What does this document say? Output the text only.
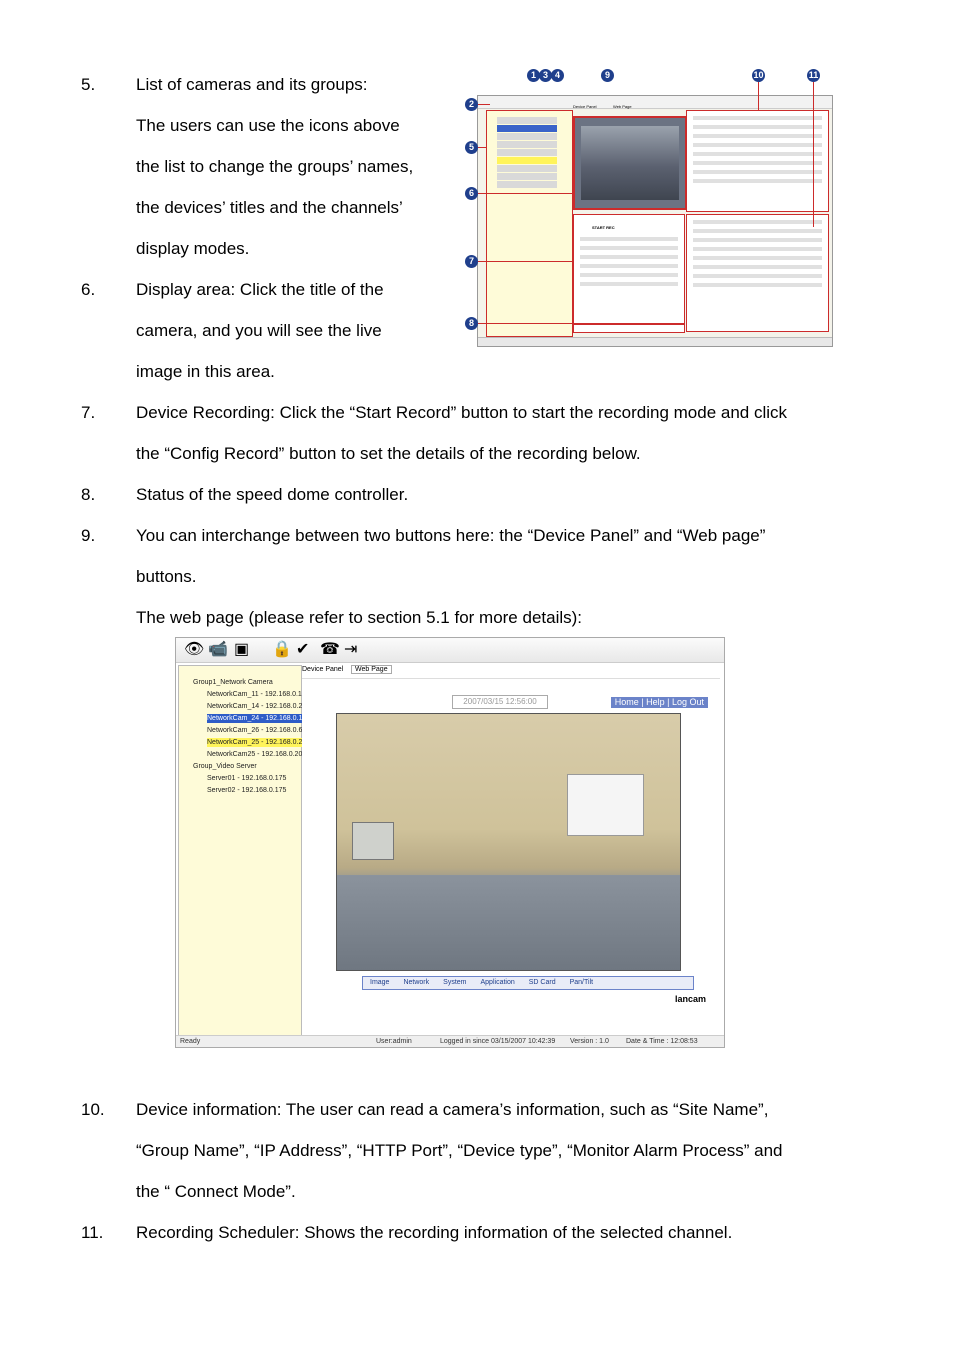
5. List of cameras and its groups:
The users can use the icons above
the list to change the groups’ names,
the devices’ titles and the channels’
display modes.
6. Display area: Click the title of the
camera, and you will see the live
image in this area.
7. Device Recording: Click the “Start Record” button to start the recording mode and click
the “Config Record” button to set the details of the recording below.
8. Status of the speed dome controller.
9. You can interchange between two buttons here: the “Device Panel” and “Web page”
buttons.
The web page (please refer to section 5.1 for more details):
Device Panel	Web Page
START REC
1 3 4	9	10	11
2
5
6
7
8
👁 📹 ▣ 🔒 ✔ ☎ ⇥
Group1_Network Camera
NetworkCam_11 - 192.168.0.1
NetworkCam_14 - 192.168.0.2
NetworkCam_24 - 192.168.0.1
NetworkCam_26 - 192.168.0.6
NetworkCam_25 - 192.168.0.2
NetworkCam25 - 192.168.0.20
Group_Video Server
Server01 - 192.168.0.175
Server02 - 192.168.0.175
Device Panel Web Page
2007/03/15 12:56:00	Home | Help | Log Out
Image Network System Application SD Card Pan/Tilt
lancam
Ready	User:admin	Logged in since 03/15/2007 10:42:39 Version : 1.0 Date & Time : 12:08:53
10. Device information: The user can read a camera’s information, such as “Site Name”,
“Group Name”, “IP Address”, “HTTP Port”, “Device type”, “Monitor Alarm Process” and
the “ Connect Mode”.
11. Recording Scheduler: Shows the recording information of the selected channel.
